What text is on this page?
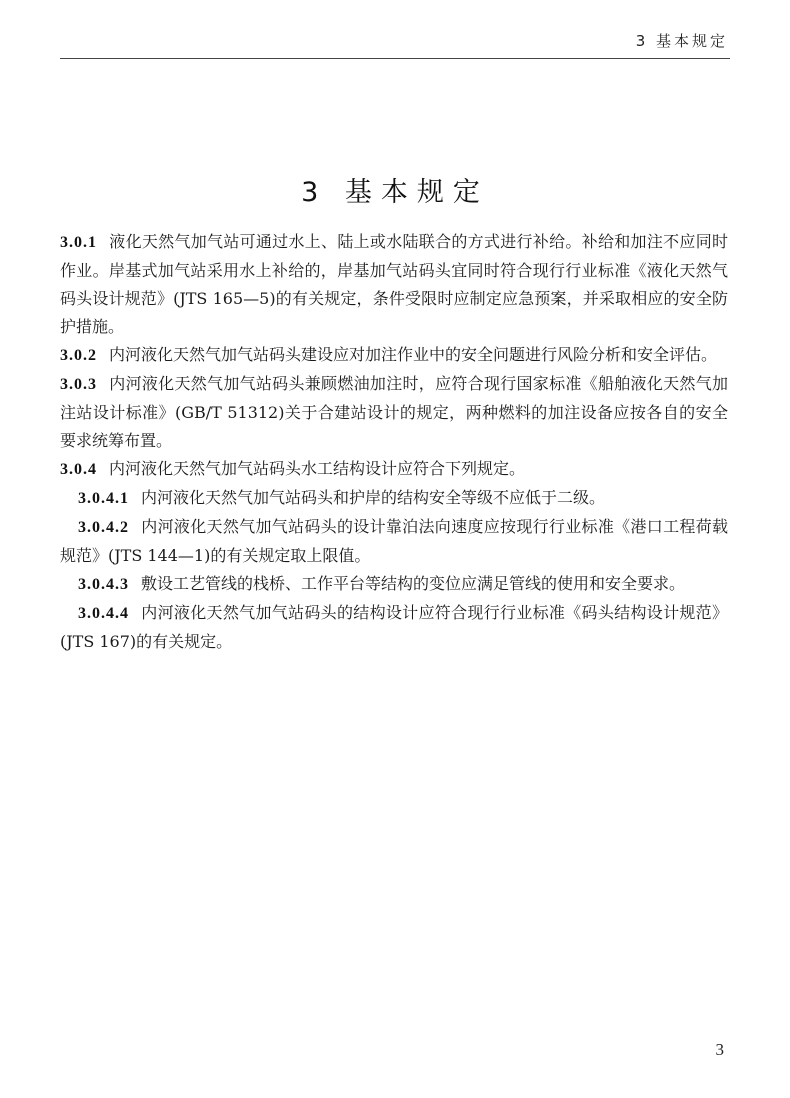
3 基本规定
3 基本规定

3.0.1 液化天然气加气站可通过水上、陆上或水陆联合的方式进行补给。补给和加注不应同时作业。岸基式加气站采用水上补给的，岸基加气站码头宜同时符合现行行业标准《液化天然气码头设计规范》(JTS 165—5)的有关规定，条件受限时应制定应急预案，并采取相应的安全防护措施。

3.0.2 内河液化天然气加气站码头建设应对加注作业中的安全问题进行风险分析和安全评估。

3.0.3 内河液化天然气加气站码头兼顾燃油加注时，应符合现行国家标准《船舶液化天然气加注站设计标准》(GB/T 51312)关于合建站设计的规定，两种燃料的加注设备应按各自的安全要求统筹布置。

3.0.4 内河液化天然气加气站码头水工结构设计应符合下列规定。

3.0.4.1 内河液化天然气加气站码头和护岸的结构安全等级不应低于二级。

3.0.4.2 内河液化天然气加气站码头的设计靠泊法向速度应按现行行业标准《港口工程荷载规范》(JTS 144—1)的有关规定取上限值。

3.0.4.3 敷设工艺管线的栈桥、工作平台等结构的变位应满足管线的使用和安全要求。

3.0.4.4 内河液化天然气加气站码头的结构设计应符合现行行业标准《码头结构设计规范》(JTS 167)的有关规定。

3
